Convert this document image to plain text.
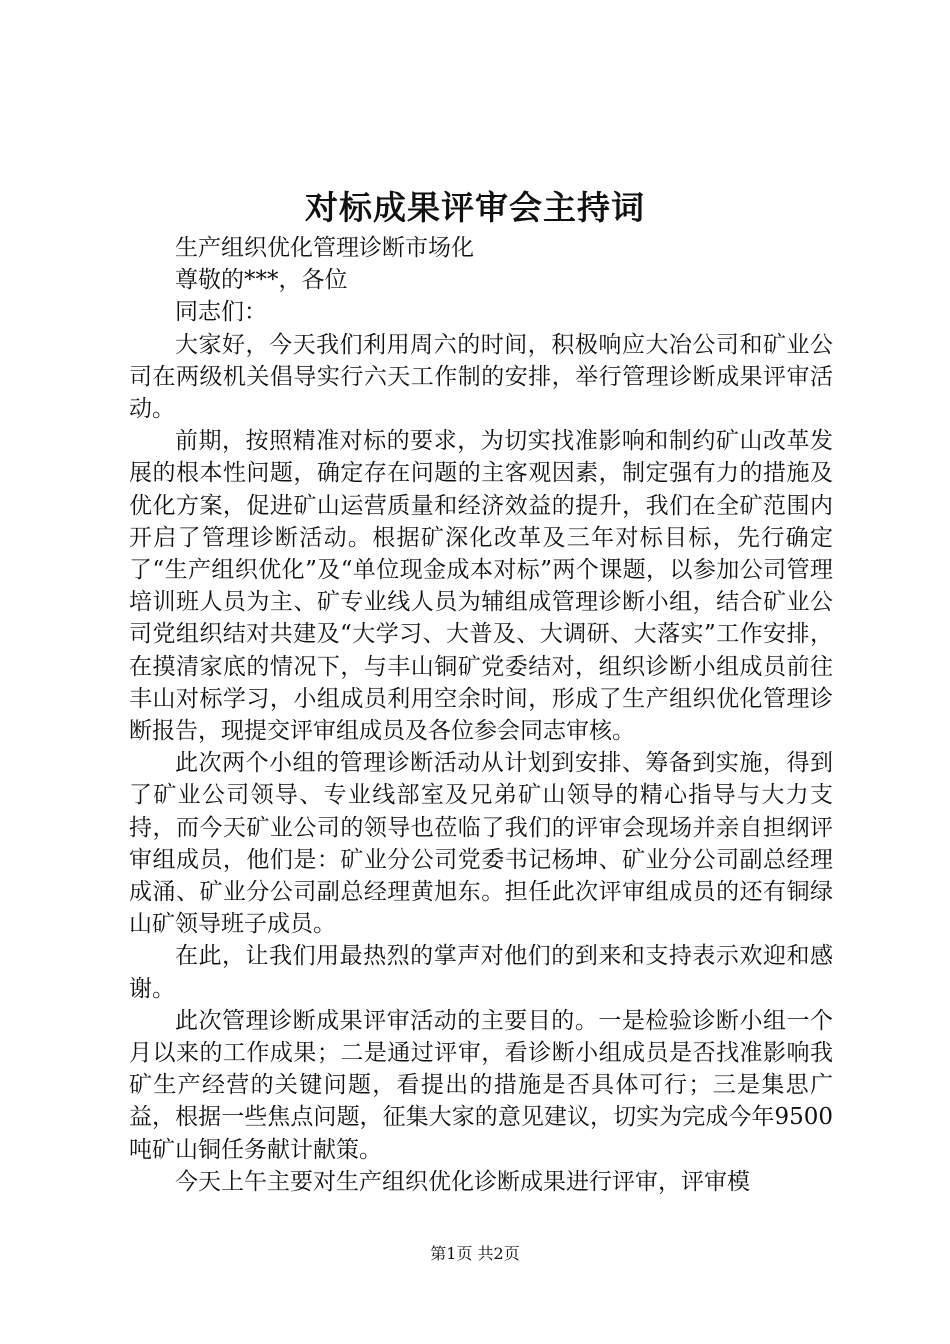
对标成果评审会主持词

生产组织优化管理诊断市场化

尊敬的***，各位

同志们：

大家好，今天我们利用周六的时间，积极响应大冶公司和矿业公司在两级机关倡导实行六天工作制的安排，举行管理诊断成果评审活动。

前期，按照精准对标的要求，为切实找准影响和制约矿山改革发展的根本性问题，确定存在问题的主客观因素，制定强有力的措施及优化方案，促进矿山运营质量和经济效益的提升，我们在全矿范围内开启了管理诊断活动。根据矿深化改革及三年对标目标，先行确定了“生产组织优化”及“单位现金成本对标”两个课题，以参加公司管理培训班人员为主、矿专业线人员为辅组成管理诊断小组，结合矿业公司党组织结对共建及“大学习、大普及、大调研、大落实”工作安排，在摸清家底的情况下，与丰山铜矿党委结对，组织诊断小组成员前往丰山对标学习，小组成员利用空余时间，形成了生产组织优化管理诊断报告，现提交评审组成员及各位参会同志审核。

此次两个小组的管理诊断活动从计划到安排、筹备到实施，得到了矿业公司领导、专业线部室及兄弟矿山领导的精心指导与大力支持，而今天矿业公司的领导也莅临了我们的评审会现场并亲自担纲评审组成员，他们是：矿业分公司党委书记杨坤、矿业分公司副总经理成涌、矿业分公司副总经理黄旭东。担任此次评审组成员的还有铜绿山矿领导班子成员。

在此，让我们用最热烈的掌声对他们的到来和支持表示欢迎和感谢。

此次管理诊断成果评审活动的主要目的。一是检验诊断小组一个月以来的工作成果；二是通过评审，看诊断小组成员是否找准影响我矿生产经营的关键问题，看提出的措施是否具体可行；三是集思广益，根据一些焦点问题，征集大家的意见建议，切实为完成今年9500吨矿山铜任务献计献策。

今天上午主要对生产组织优化诊断成果进行评审，评审模

第1页 共2页
